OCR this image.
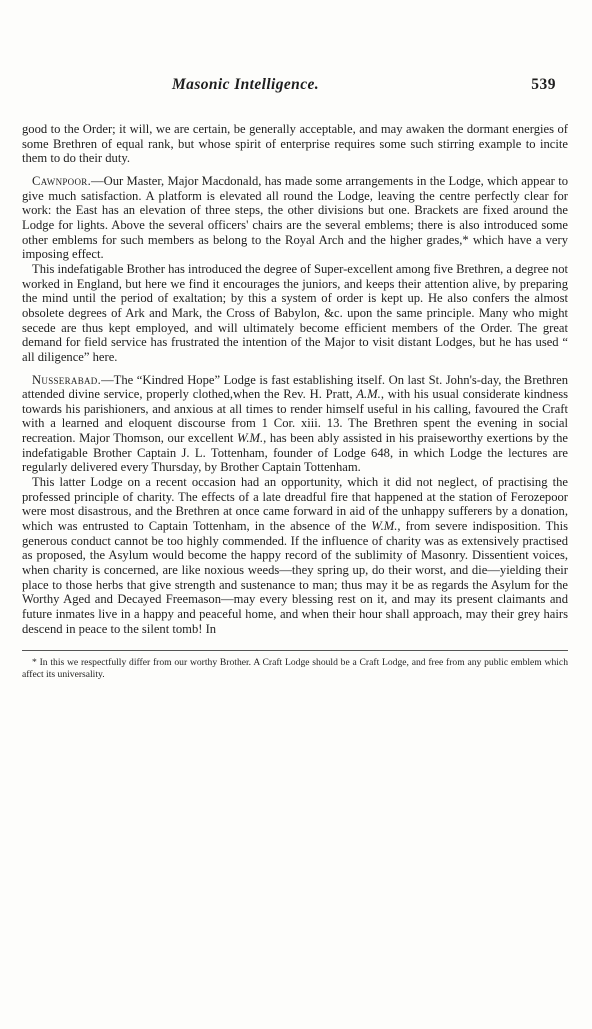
Masonic Intelligence.	539

good to the Order; it will, we are certain, be generally acceptable, and may awaken the dormant energies of some Brethren of equal rank, but whose spirit of enterprise requires some such stirring example to incite them to do their duty.

Cawnpoor.—Our Master, Major Macdonald, has made some arrangements in the Lodge, which appear to give much satisfaction. A platform is elevated all round the Lodge, leaving the centre perfectly clear for work: the East has an elevation of three steps, the other divisions but one. Brackets are fixed around the Lodge for lights. Above the several officers' chairs are the several emblems; there is also introduced some other emblems for such members as belong to the Royal Arch and the higher grades,* which have a very imposing effect.

This indefatigable Brother has introduced the degree of Super-excellent among five Brethren, a degree not worked in England, but here we find it encourages the juniors, and keeps their attention alive, by preparing the mind until the period of exaltation; by this a system of order is kept up. He also confers the almost obsolete degrees of Ark and Mark, the Cross of Babylon, &c. upon the same principle. Many who might secede are thus kept employed, and will ultimately become efficient members of the Order. The great demand for field service has frustrated the intention of the Major to visit distant Lodges, but he has used “ all diligence” here.

Nusserabad.—The “Kindred Hope” Lodge is fast establishing itself. On last St. John's-day, the Brethren attended divine service, properly clothed,when the Rev. H. Pratt, A.M., with his usual considerate kindness towards his parishioners, and anxious at all times to render himself useful in his calling, favoured the Craft with a learned and eloquent discourse from 1 Cor. xiii. 13. The Brethren spent the evening in social recreation. Major Thomson, our excellent W.M., has been ably assisted in his praiseworthy exertions by the indefatigable Brother Captain J. L. Tottenham, founder of Lodge 648, in which Lodge the lectures are regularly delivered every Thursday, by Brother Captain Tottenham.

This latter Lodge on a recent occasion had an opportunity, which it did not neglect, of practising the professed principle of charity. The effects of a late dreadful fire that happened at the station of Ferozepoor were most disastrous, and the Brethren at once came forward in aid of the unhappy sufferers by a donation, which was entrusted to Captain Tottenham, in the absence of the W.M., from severe indisposition. This generous conduct cannot be too highly commended. If the influence of charity was as extensively practised as proposed, the Asylum would become the happy record of the sublimity of Masonry. Dissentient voices, when charity is concerned, are like noxious weeds—they spring up, do their worst, and die—yielding their place to those herbs that give strength and sustenance to man; thus may it be as regards the Asylum for the Worthy Aged and Decayed Freemason—may every blessing rest on it, and may its present claimants and future inmates live in a happy and peaceful home, and when their hour shall approach, may their grey hairs descend in peace to the silent tomb! In

* In this we respectfully differ from our worthy Brother. A Craft Lodge should be a Craft Lodge, and free from any public emblem which affect its universality.
